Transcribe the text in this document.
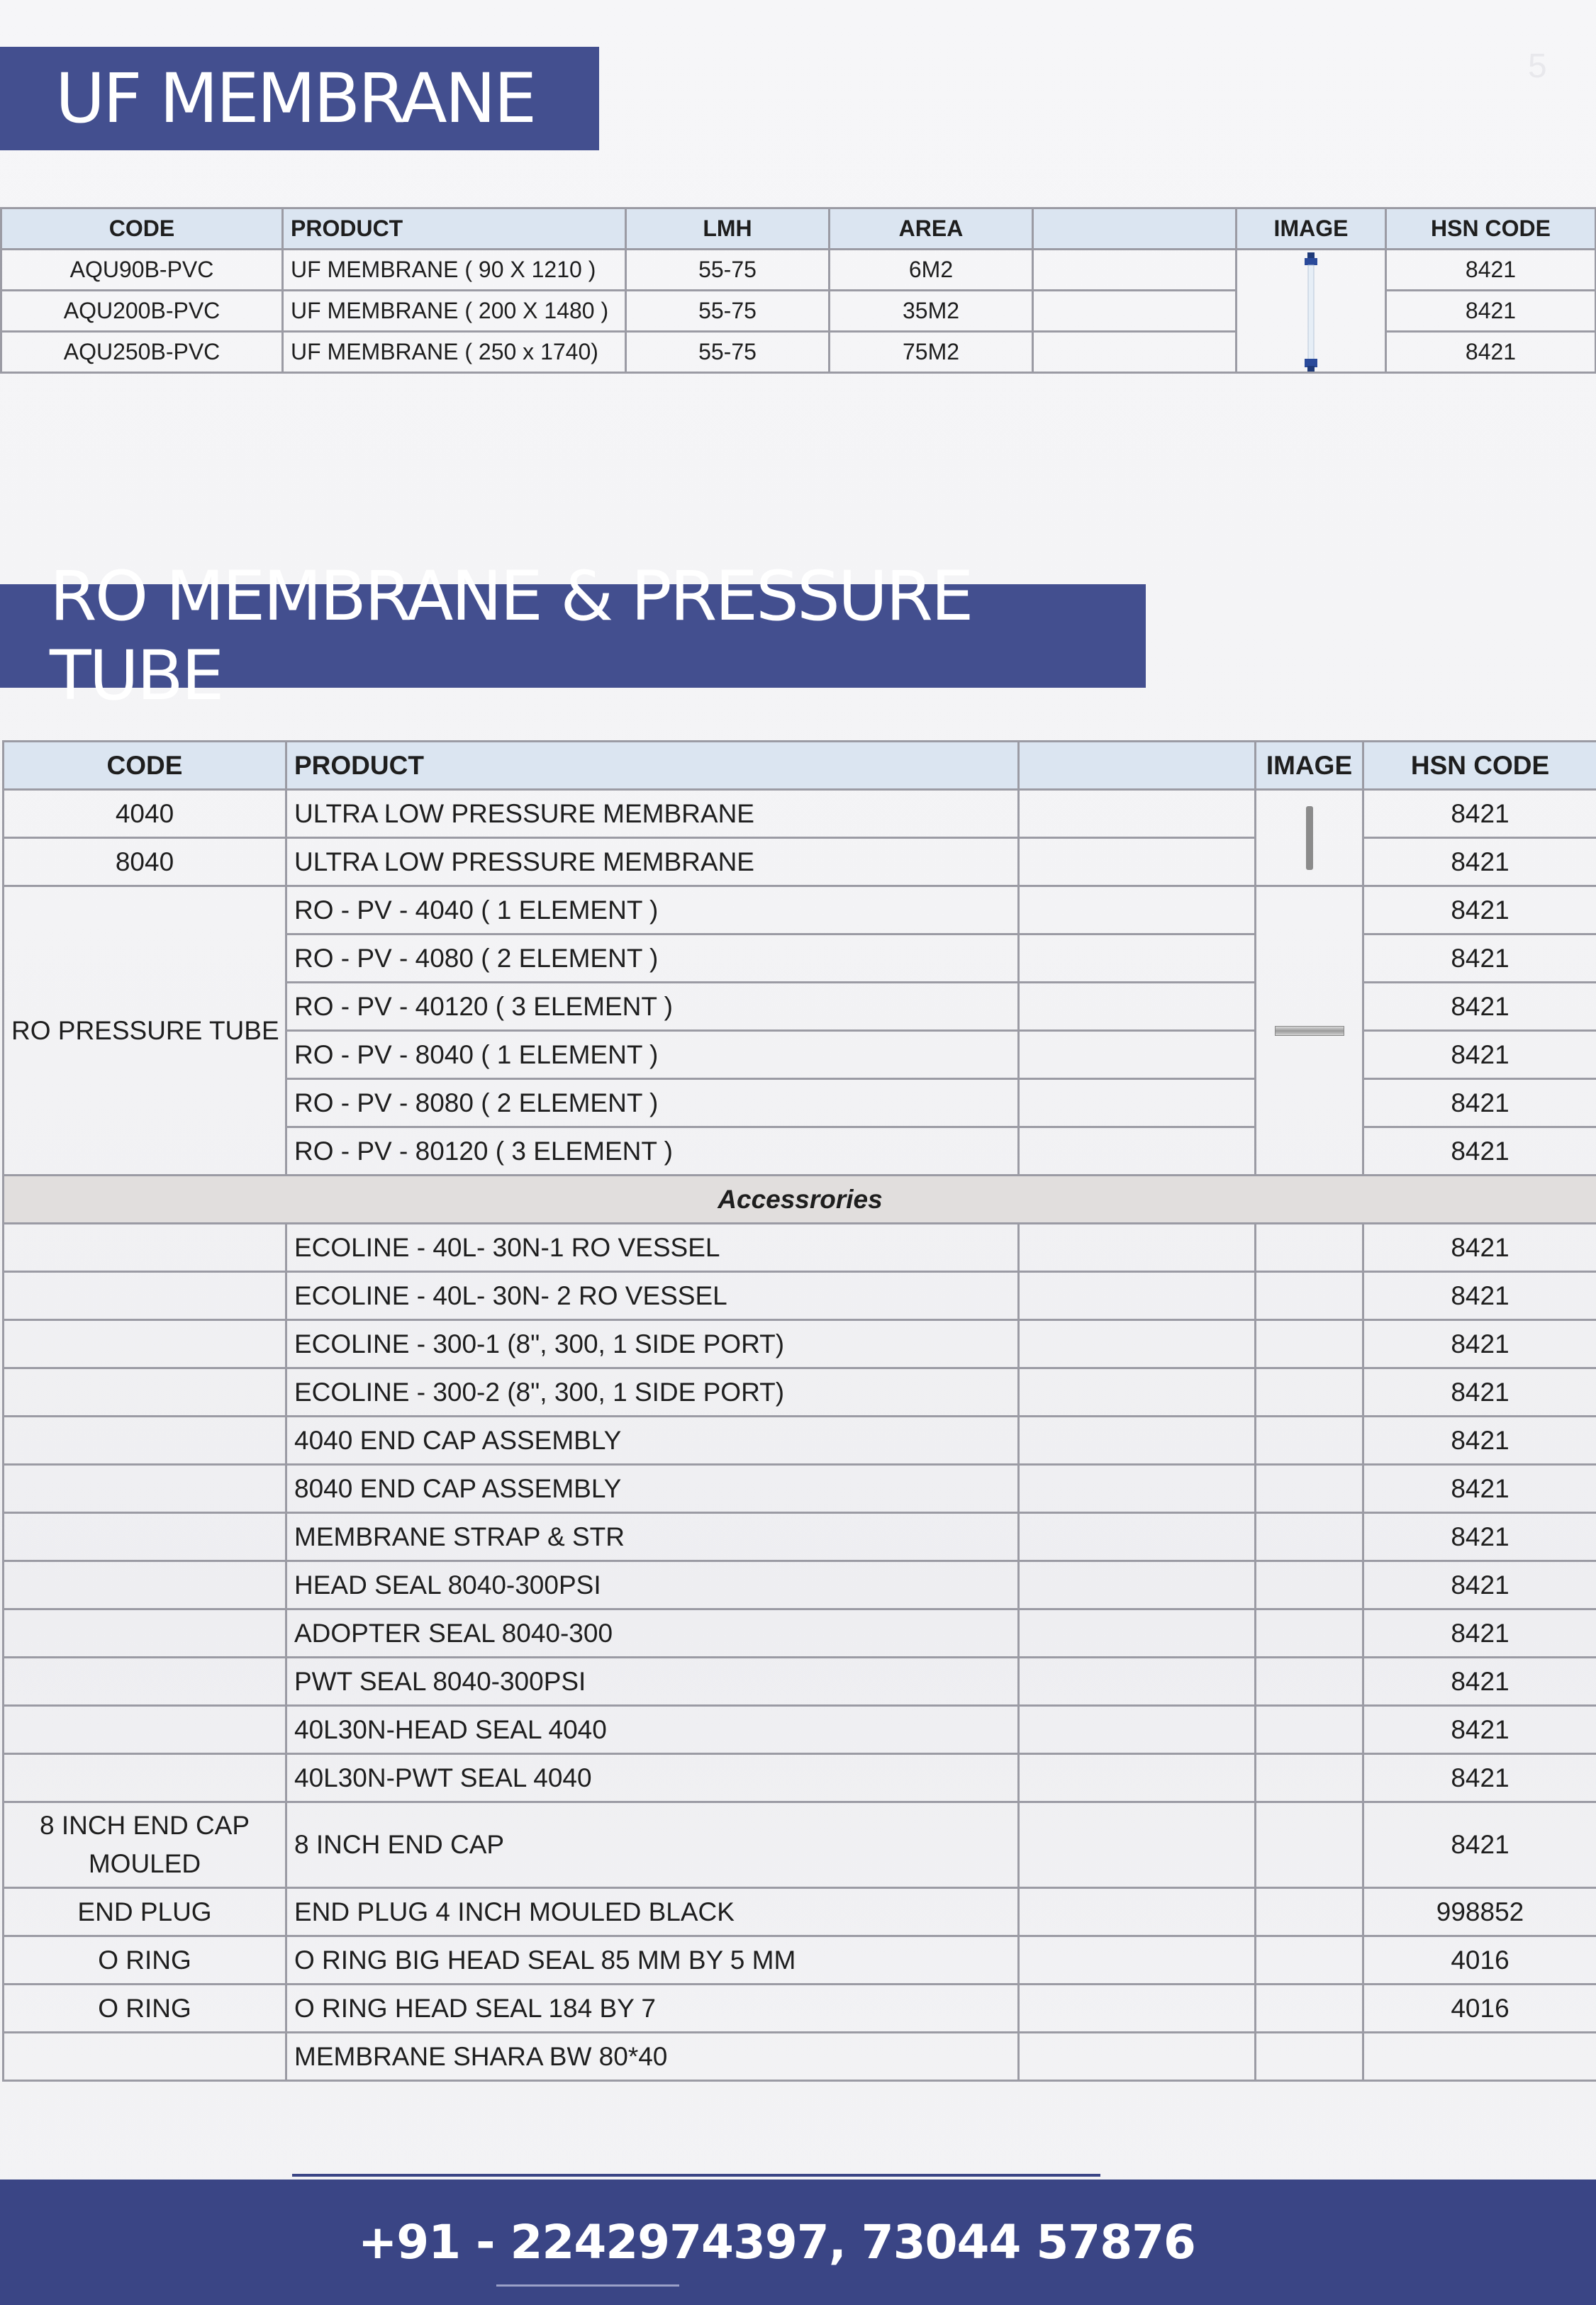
UF MEMBRANE	5
CODE	PRODUCT	LMH	AREA		IMAGE	HSN CODE
AQU90B-PVC	UF MEMBRANE ( 90 X 1210 )	55-75	6M2			8421
AQU200B-PVC	UF MEMBRANE ( 200 X 1480 )	55-75	35M2			8421
AQU250B-PVC	UF MEMBRANE ( 250 x 1740)	55-75	75M2			8421
RO MEMBRANE & PRESSURE TUBE
CODE	PRODUCT		IMAGE	HSN CODE
4040	ULTRA LOW PRESSURE MEMBRANE			8421
8040	ULTRA LOW PRESSURE MEMBRANE			8421
RO PRESSURE TUBE	RO - PV - 4040 ( 1 ELEMENT )			8421
	RO - PV - 4080 ( 2 ELEMENT )			8421
	RO - PV - 40120 ( 3 ELEMENT )			8421
	RO - PV - 8040 ( 1 ELEMENT )			8421
	RO - PV - 8080 ( 2 ELEMENT )			8421
	RO - PV - 80120 ( 3 ELEMENT )			8421
Accessrories				
	ECOLINE - 40L- 30N-1 RO VESSEL			8421
	ECOLINE - 40L- 30N- 2 RO VESSEL			8421
	ECOLINE - 300-1 (8", 300, 1 SIDE PORT)			8421
	ECOLINE - 300-2 (8", 300, 1 SIDE PORT)			8421
	4040 END CAP ASSEMBLY			8421
	8040 END CAP ASSEMBLY			8421
	MEMBRANE STRAP & STR			8421
	HEAD SEAL 8040-300PSI			8421
	ADOPTER SEAL 8040-300			8421
	PWT SEAL 8040-300PSI			8421
	40L30N-HEAD SEAL 4040			8421
	40L30N-PWT SEAL 4040			8421
8 INCH END CAP MOULED	8 INCH END CAP			8421
END PLUG	END PLUG 4 INCH MOULED BLACK			998852
O RING	O RING BIG HEAD SEAL 85 MM BY 5 MM			4016
O RING	O RING HEAD SEAL 184 BY 7			4016
	MEMBRANE SHARA BW 80*40			
+91 - 2242974397, 73044 57876
